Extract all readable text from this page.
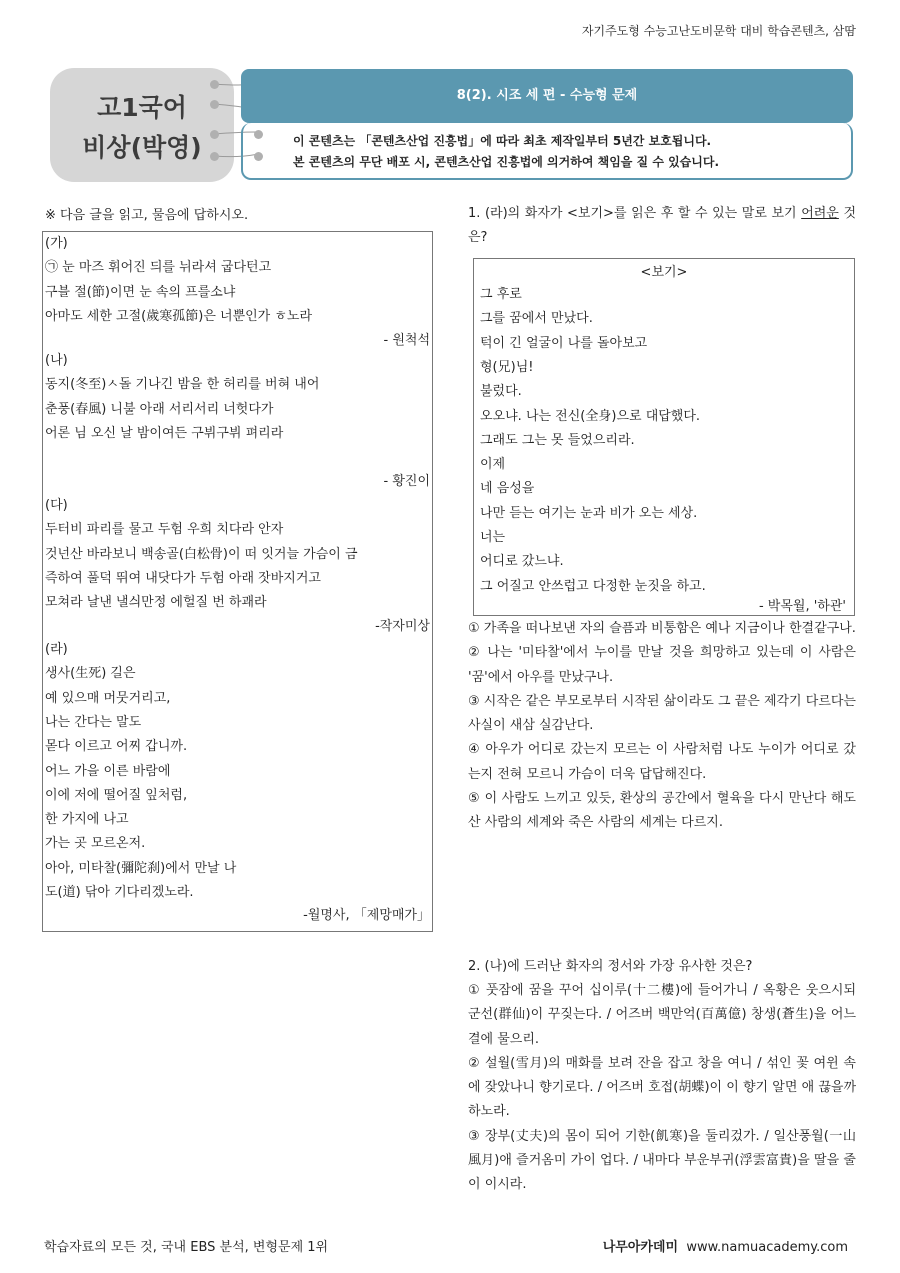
자기주도형 수능고난도비문학 대비 학습콘텐츠, 삼땀
고1국어
비상(박영)
8(2). 시조 세 편 - 수능형 문제
이 콘텐츠는 「콘텐츠산업 진흥법」에 따라 최초 제작일부터 5년간 보호됩니다.
본 콘텐츠의 무단 배포 시, 콘텐츠산업 진흥법에 의거하여 책임을 질 수 있습니다.
※ 다음 글을 읽고, 물음에 답하시오.
(가)
㉠ 눈 마즈 휘어진 듸를 뉘라셔 굽다턴고
구블 절(節)이면 눈 속의 프를소냐
아마도 세한 고절(歲寒孤節)은 너뿐인가 ㅎ노라
- 원척석
(나)
동지(冬至)ㅅ돌 기나긴 밤을 한 허리를 버혀 내어
춘풍(春風) 니불 아래 서리서리 너헛다가
어론 님 오신 날 밤이여든 구뷔구뷔 펴리라
- 황진이
(다)
두터비 파리를 물고 두험 우희 치다라 안자
것넌산 바라보니 백송골(白松骨)이 떠 잇거늘 가슴이 금
즉하여 풀덕 뛰여 내닷다가 두험 아래 잣바지거고
모쳐라 날낸 낼싀만정 에헐질 번 하괘라
-작자미상
(라)
생사(生死) 길은
예 있으매 머뭇거리고,
나는 간다는 말도
몯다 이르고 어찌 갑니까.
어느 가을 이른 바람에
이에 저에 떨어질 잎처럼,
한 가지에 나고
가는 곳 모르온저.
아아, 미타찰(彌陀刹)에서 만날 나
도(道) 닦아 기다리겠노라.
-월명사, 「제망매가」
1. (라)의 화자가 <보기>를 읽은 후 할 수 있는 말로 보기 어려운 것은?
<보기>
그 후로
그를 꿈에서 만났다.
턱이 긴 얼굴이 나를 돌아보고
형(兄)님!
불렀다.
오오냐. 나는 전신(全身)으로 대답했다.
그래도 그는 못 들었으리라.
이제
네 음성을
나만 듣는 여기는 눈과 비가 오는 세상.
너는
어디로 갔느냐.
그 어질고 안쓰럽고 다정한 눈짓을 하고.
- 박목월, '하관'
① 가족을 떠나보낸 자의 슬픔과 비통함은 예나 지금이나 한결같구나.
② 나는 '미타찰'에서 누이를 만날 것을 희망하고 있는데 이 사람은 '꿈'에서 아우를 만났구나.
③ 시작은 같은 부모로부터 시작된 삶이라도 그 끝은 제각기 다르다는 사실이 새삼 실감난다.
④ 아우가 어디로 갔는지 모르는 이 사람처럼 나도 누이가 어디로 갔는지 전혀 모르니 가슴이 더욱 답답해진다.
⑤ 이 사람도 느끼고 있듯, 환상의 공간에서 혈육을 다시 만난다 해도 산 사람의 세계와 죽은 사람의 세계는 다르지.
2. (나)에 드러난 화자의 정서와 가장 유사한 것은?
① 풋잠에 꿈을 꾸어 십이루(十二樓)에 들어가니 / 옥황은 웃으시되 군선(群仙)이 꾸짖는다. / 어즈버 백만억(百萬億) 창생(蒼生)을 어느 결에 물으리.
② 설월(雪月)의 매화를 보려 잔을 잡고 창을 여니 / 섞인 꽃 여윈 속에 잦았나니 향기로다. / 어즈버 호접(胡蝶)이 이 향기 알면 애 끊을까 하노라.
③ 장부(丈夫)의 몸이 되어 기한(飢寒)을 둘리겄가. / 일산풍월(一山風月)애 즐거옴미 가이 업다. / 내마다 부운부귀(浮雲富貴)을 딸을 줄이 이시라.
학습자료의 모든 것, 국내 EBS 분석, 변형문제 1위	나무아카데미 www.namuacademy.com
